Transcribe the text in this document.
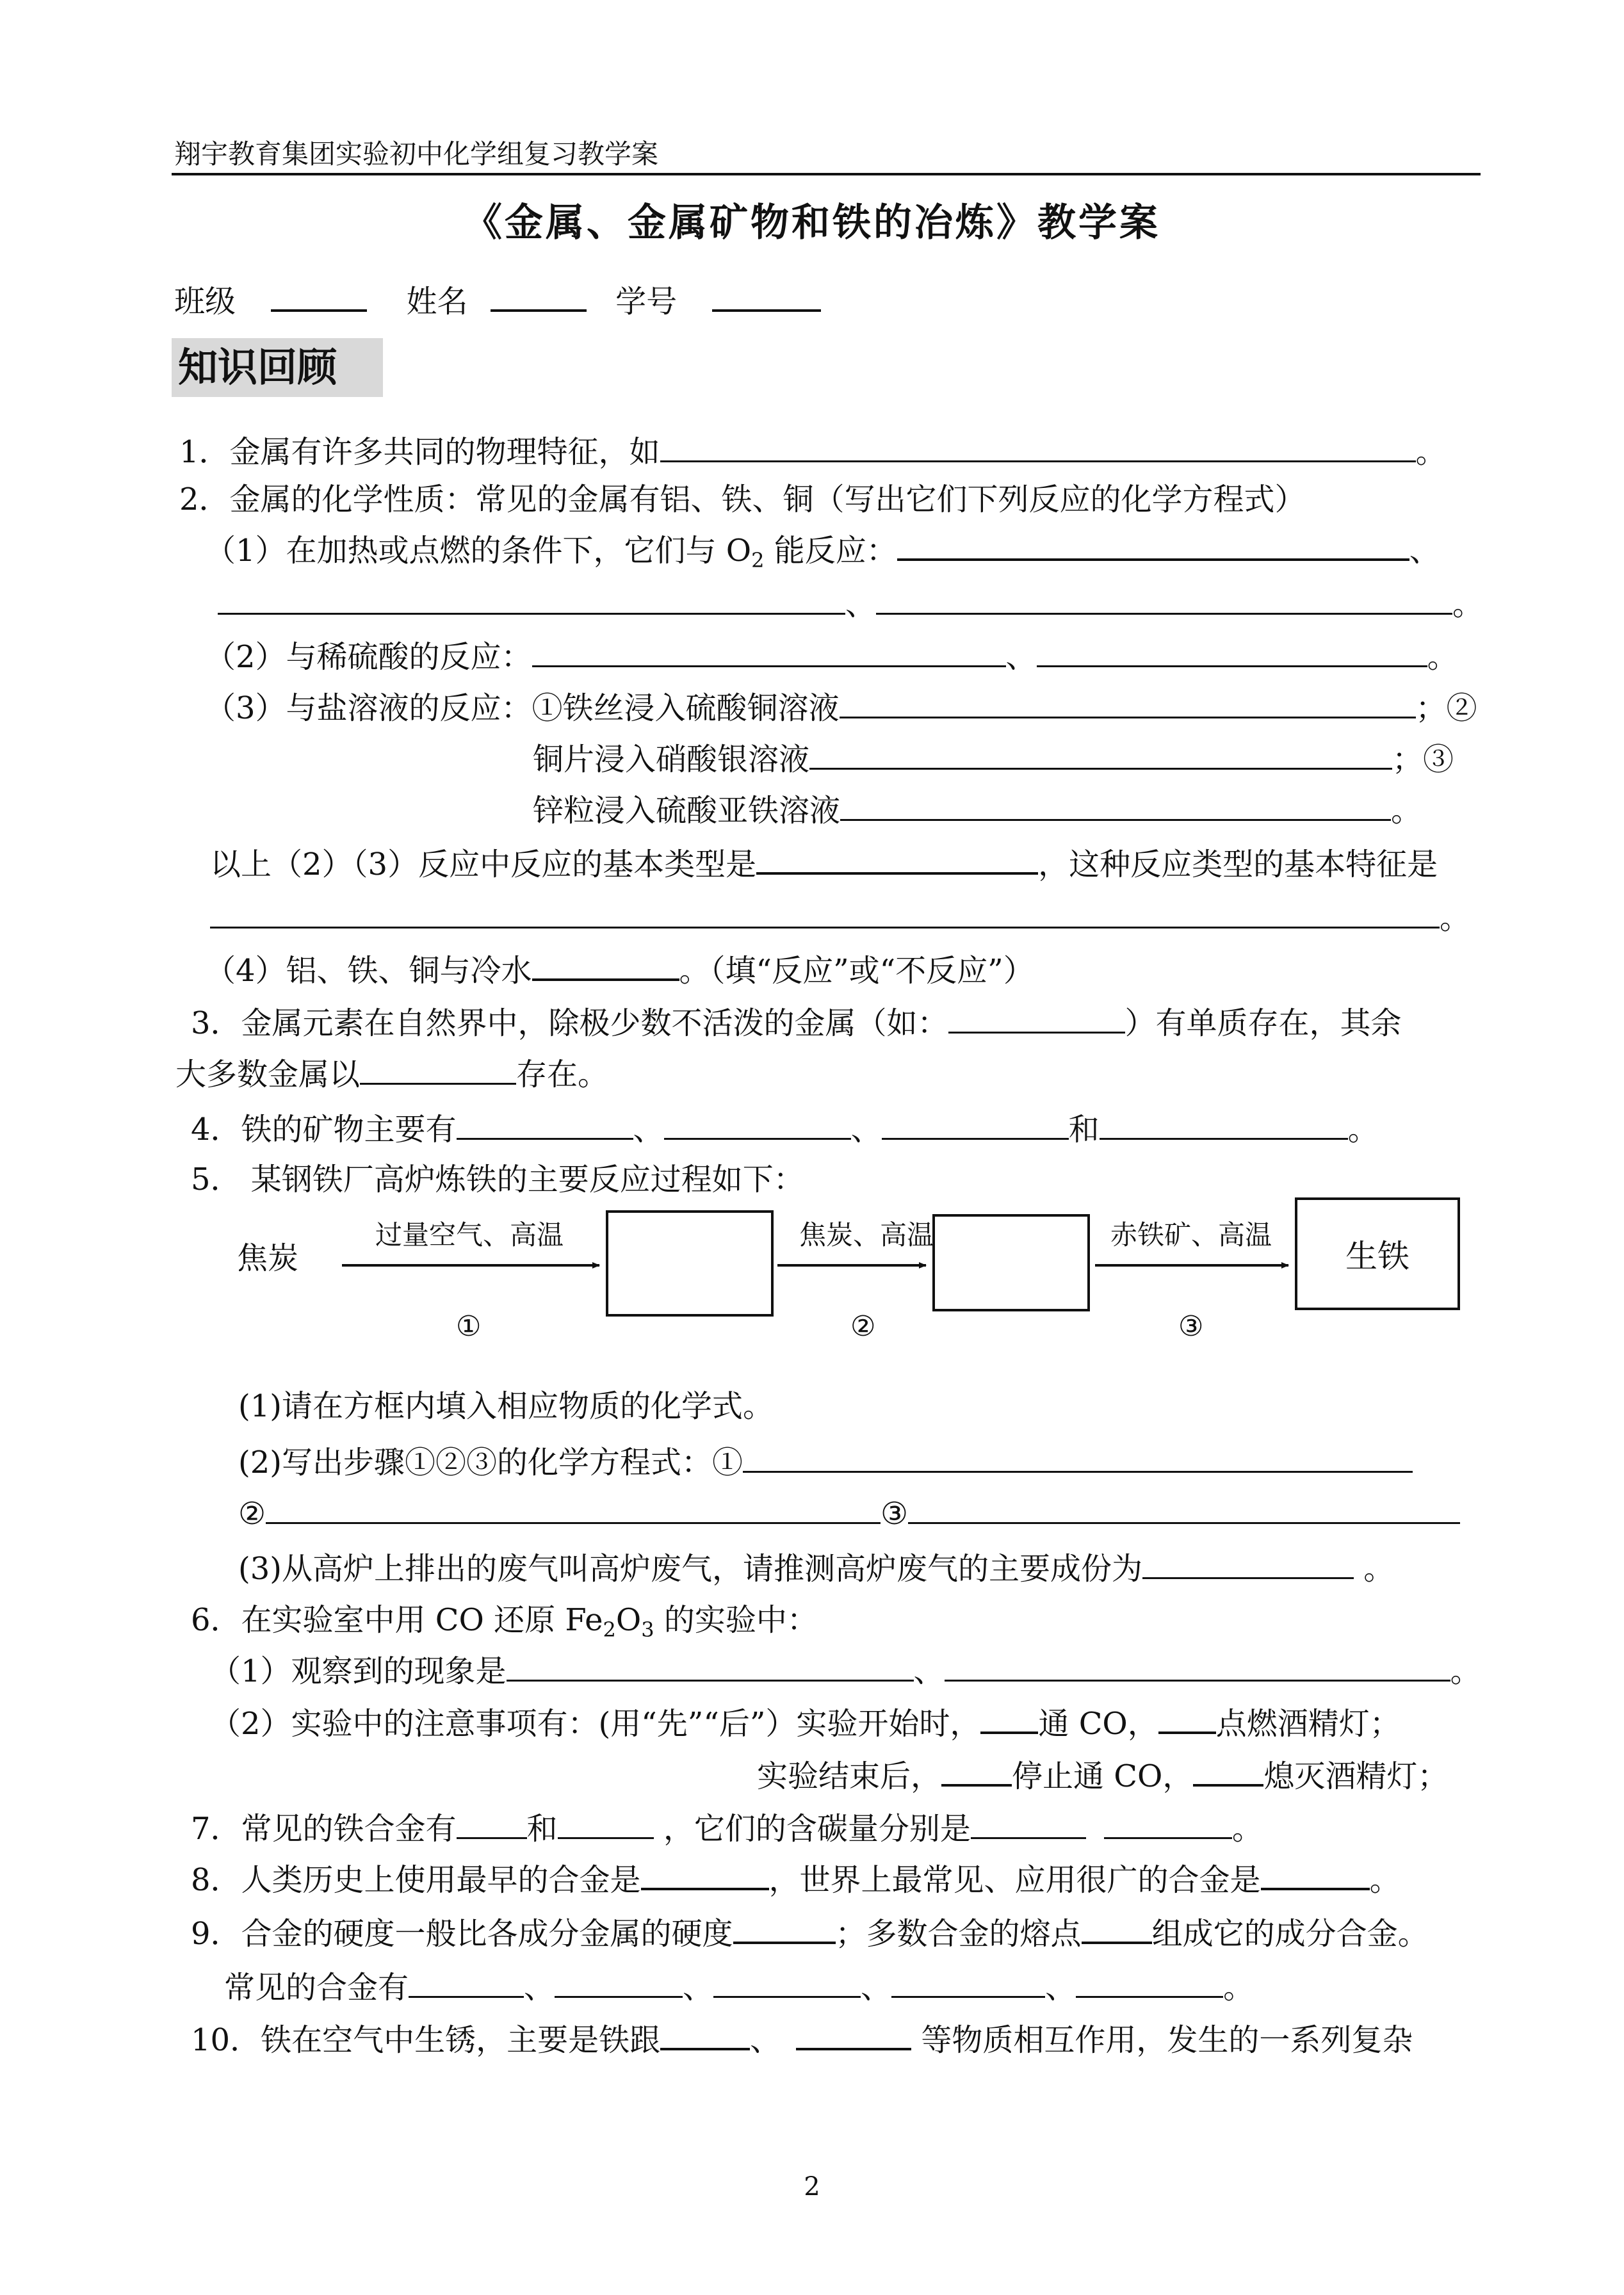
翔宇教育集团实验初中化学组复习教学案
《金属、金属矿物和铁的冶炼》教学案
班级	姓名	学号
知识回顾
1．金属有许多共同的物理特征，如	。
2．金属的化学性质：常见的金属有铝、铁、铜（写出它们下列反应的化学方程式）
（1）在加热或点燃的条件下，它们与 $O_2$ 能反应：	、
、	。
（2）与稀硫酸的反应：	、	。
（3）与盐溶液的反应：①铁丝浸入硫酸铜溶液	；②
铜片浸入硝酸银溶液	；③
锌粒浸入硫酸亚铁溶液	。
以上（2）（3）反应中反应的基本类型是	，这种反应类型的基本特征是
。
（4）铝、铁、铜与冷水	。（填“反应”或“不反应”）
3．金属元素在自然界中，除极少数不活泼的金属（如：	）有单质存在，其余
大多数金属以	存在。
4．铁的矿物主要有	、	、	和	。
5． 某钢铁厂高炉炼铁的主要反应过程如下：
焦炭
过量空气、高温	焦炭、高温	赤铁矿、高温
生铁
①	②	③
(1)请在方框内填入相应物质的化学式。
(2)写出步骤①②③的化学方程式：①
②	③
(3)从高炉上排出的废气叫高炉废气，请推测高炉废气的主要成份为	。
6．在实验室中用 CO 还原 $Fe_2O_3$ 的实验中：
（1）观察到的现象是	、	。
（2）实验中的注意事项有：(用“先”“后”）实验开始时， 通 CO， 点燃酒精灯；
实验结束后， 停止通 CO， 熄灭酒精灯；
7．常见的铁合金有 和	，它们的含碳量分别是	。
8．人类历史上使用最早的合金是	，世界上最常见、应用很广的合金是	。
9．合金的硬度一般比各成分金属的硬度	；多数合金的熔点 组成它的成分合金。
常见的合金有	、	、	、	、	。
10．铁在空气中生锈，主要是铁跟	、	等物质相互作用，发生的一系列复杂
2
